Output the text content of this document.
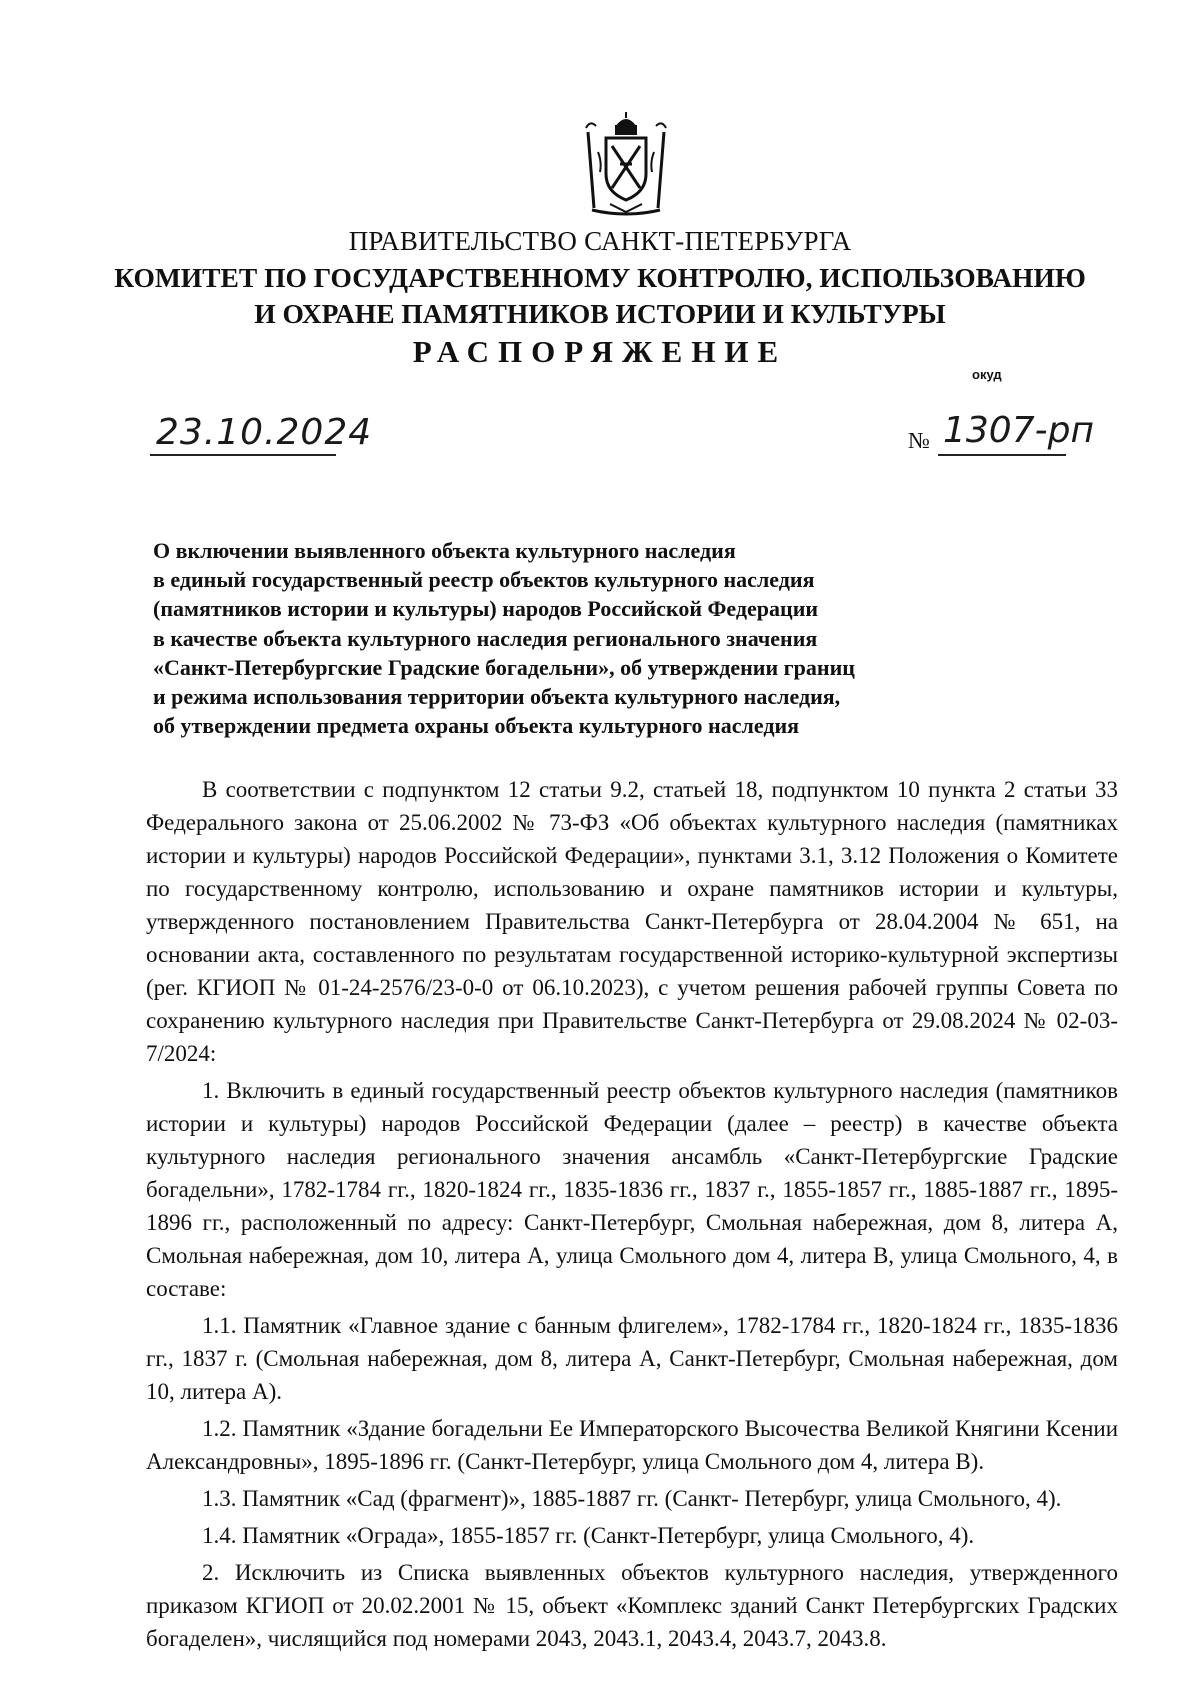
ПРАВИТЕЛЬСТВО САНКТ-ПЕТЕРБУРГА
КОМИТЕТ ПО ГОСУДАРСТВЕННОМУ КОНТРОЛЮ, ИСПОЛЬЗОВАНИЮ
И ОХРАНЕ ПАМЯТНИКОВ ИСТОРИИ И КУЛЬТУРЫ
РАСПОРЯЖЕНИЕ
окуд
23.10.2024	№ 1307-рп
О включении выявленного объекта культурного наследия
в единый государственный реестр объектов культурного наследия
(памятников истории и культуры) народов Российской Федерации
в качестве объекта культурного наследия регионального значения
«Санкт-Петербургские Градские богадельни», об утверждении границ
и режима использования территории объекта культурного наследия,
об утверждении предмета охраны объекта культурного наследия

В соответствии с подпунктом 12 статьи 9.2, статьей 18, подпунктом 10 пункта 2 статьи 33 Федерального закона от 25.06.2002 № 73-ФЗ «Об объектах культурного наследия (памятниках истории и культуры) народов Российской Федерации», пунктами 3.1, 3.12 Положения о Комитете по государственному контролю, использованию и охране памятников истории и культуры, утвержденного постановлением Правительства Санкт-Петербурга от 28.04.2004 № 651, на основании акта, составленного по результатам государственной историко-культурной экспертизы (рег. КГИОП № 01-24-2576/23-0-0 от 06.10.2023), с учетом решения рабочей группы Совета по сохранению культурного наследия при Правительстве Санкт-Петербурга от 29.08.2024 № 02-03-7/2024:

1. Включить в единый государственный реестр объектов культурного наследия (памятников истории и культуры) народов Российской Федерации (далее – реестр) в качестве объекта культурного наследия регионального значения ансамбль «Санкт-Петербургские Градские богадельни», 1782-1784 гг., 1820-1824 гг., 1835-1836 гг., 1837 г., 1855-1857 гг., 1885-1887 гг., 1895-1896 гг., расположенный по адресу: Санкт-Петербург, Смольная набережная, дом 8, литера А, Смольная набережная, дом 10, литера А, улица Смольного дом 4, литера В, улица Смольного, 4, в составе:

1.1. Памятник «Главное здание с банным флигелем», 1782-1784 гг., 1820-1824 гг., 1835-1836 гг., 1837 г. (Смольная набережная, дом 8, литера А, Санкт-Петербург, Смольная набережная, дом 10, литера А).

1.2. Памятник «Здание богадельни Ее Императорского Высочества Великой Княгини Ксении Александровны», 1895-1896 гг. (Санкт-Петербург, улица Смольного дом 4, литера В).

1.3. Памятник «Сад (фрагмент)», 1885-1887 гг. (Санкт- Петербург, улица Смольного, 4).

1.4. Памятник «Ограда», 1855-1857 гг. (Санкт-Петербург, улица Смольного, 4).

2. Исключить из Списка выявленных объектов культурного наследия, утвержденного приказом КГИОП от 20.02.2001 № 15, объект «Комплекс зданий Санкт Петербургских Градских богаделен», числящийся под номерами 2043, 2043.1, 2043.4, 2043.7, 2043.8.
